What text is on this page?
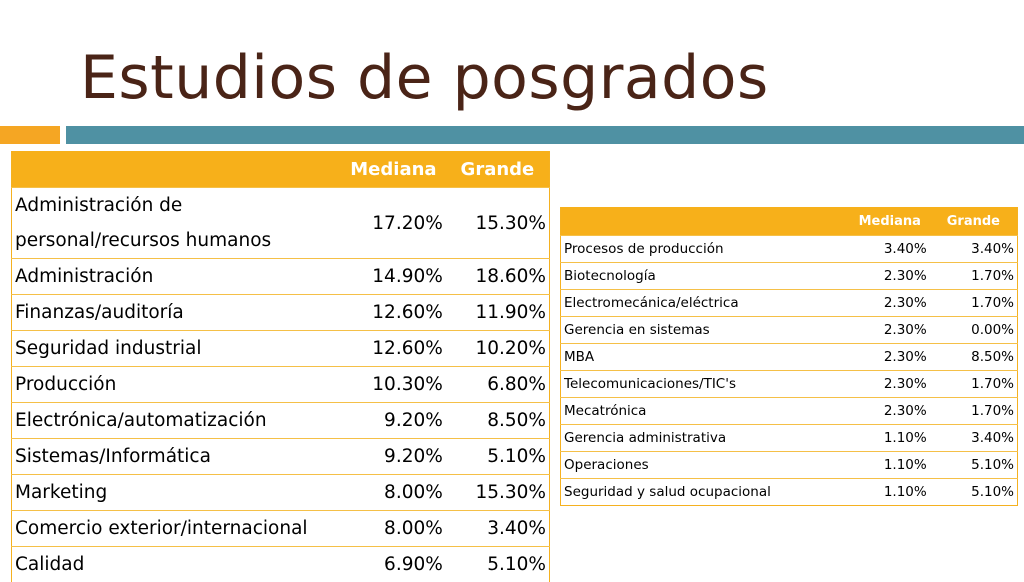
Estudios de posgrados
	Mediana	Grande
Administración de personal/recursos humanos	17.20%	15.30%
Administración	14.90%	18.60%
Finanzas/auditoría	12.60%	11.90%
Seguridad industrial	12.60%	10.20%
Producción	10.30%	6.80%
Electrónica/automatización	9.20%	8.50%
Sistemas/Informática	9.20%	5.10%
Marketing	8.00%	15.30%
Comercio exterior/internacional	8.00%	3.40%
Calidad	6.90%	5.10%
	Mediana	Grande
Procesos de producción	3.40%	3.40%
Biotecnología	2.30%	1.70%
Electromecánica/eléctrica	2.30%	1.70%
Gerencia en sistemas	2.30%	0.00%
MBA	2.30%	8.50%
Telecomunicaciones/TIC's	2.30%	1.70%
Mecatrónica	2.30%	1.70%
Gerencia administrativa	1.10%	3.40%
Operaciones	1.10%	5.10%
Seguridad y salud ocupacional	1.10%	5.10%
